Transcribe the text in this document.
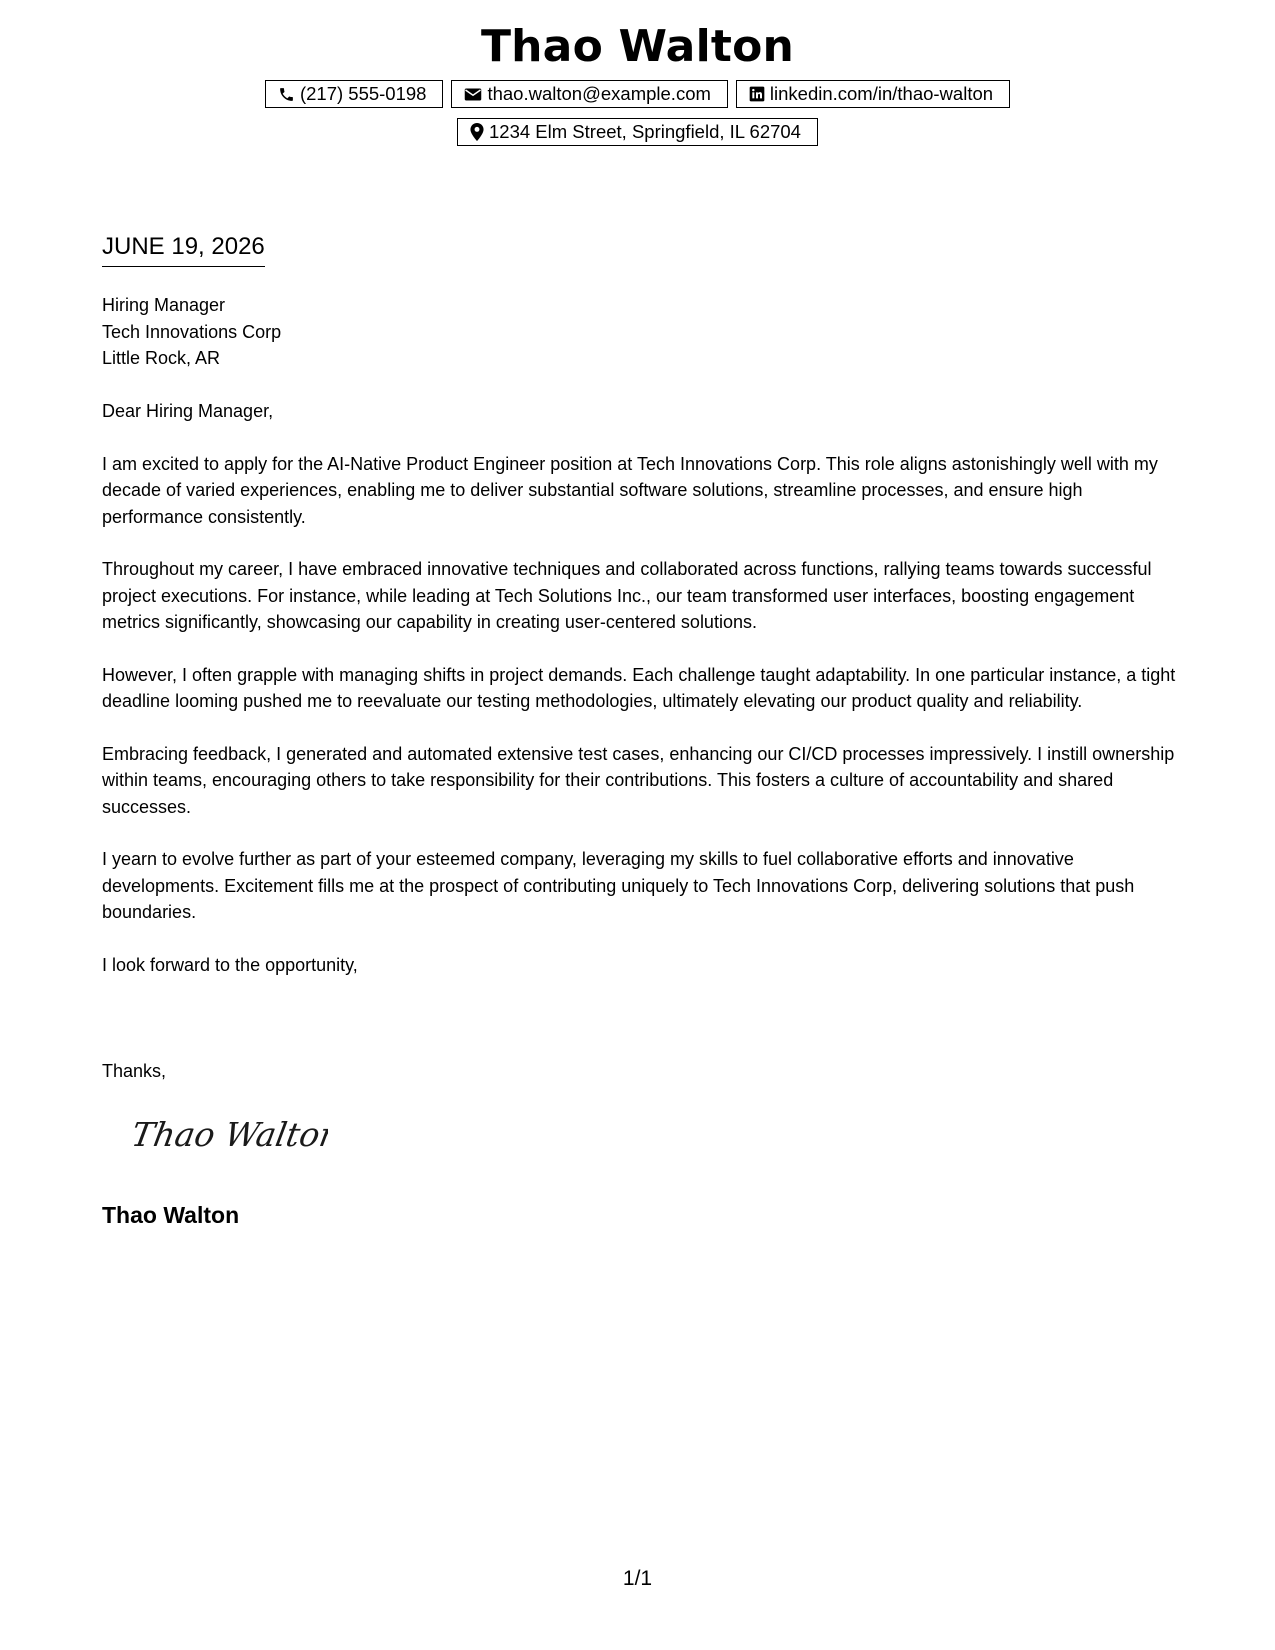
Thao Walton
(217) 555-0198	thao.walton@example.com	linkedin.com/in/thao-walton
1234 Elm Street, Springfield, IL 62704
JUNE 19, 2026
Hiring Manager
Tech Innovations Corp
Little Rock, AR

Dear Hiring Manager,

I am excited to apply for the AI-Native Product Engineer position at Tech Innovations Corp. This role aligns astonishingly well with my decade of varied experiences, enabling me to deliver substantial software solutions, streamline processes, and ensure high performance consistently.

Throughout my career, I have embraced innovative techniques and collaborated across functions, rallying teams towards successful project executions. For instance, while leading at Tech Solutions Inc., our team transformed user interfaces, boosting engagement metrics significantly, showcasing our capability in creating user-centered solutions.

However, I often grapple with managing shifts in project demands. Each challenge taught adaptability. In one particular instance, a tight deadline looming pushed me to reevaluate our testing methodologies, ultimately elevating our product quality and reliability.

Embracing feedback, I generated and automated extensive test cases, enhancing our CI/CD processes impressively. I instill ownership within teams, encouraging others to take responsibility for their contributions. This fosters a culture of accountability and shared successes.

I yearn to evolve further as part of your esteemed company, leveraging my skills to fuel collaborative efforts and innovative developments. Excitement fills me at the prospect of contributing uniquely to Tech Innovations Corp, delivering solutions that push boundaries.

I look forward to the opportunity,

Thanks,
Thao Walton
Thao Walton
1/1
